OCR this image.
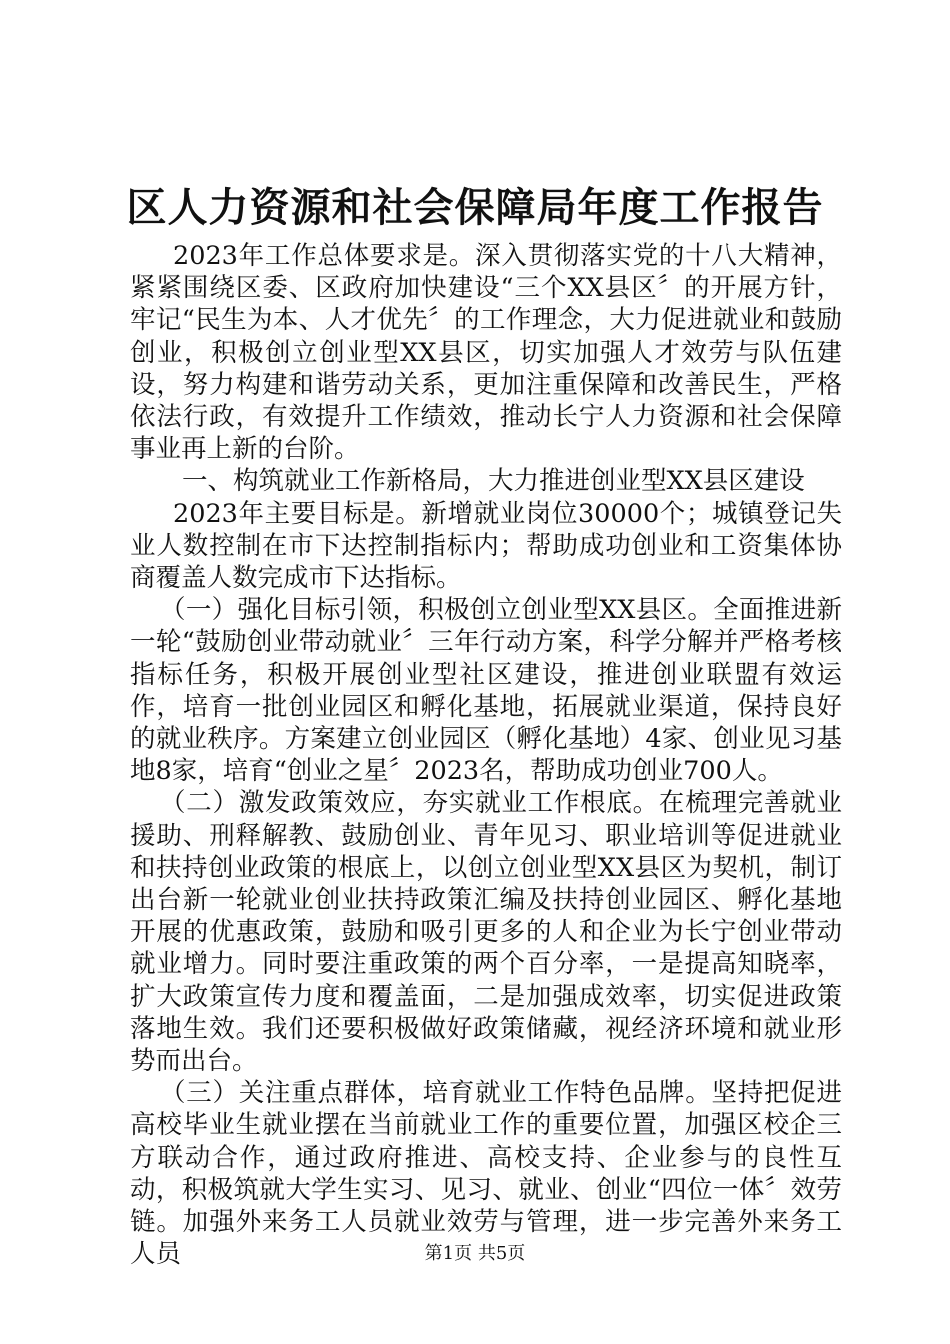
区人力资源和社会保障局年度工作报告

2023年工作总体要求是。深入贯彻落实党的十八大精神，紧紧围绕区委、区政府加快建设“三个XX县区〞的开展方针，牢记“民生为本、人才优先〞的工作理念，大力促进就业和鼓励创业，积极创立创业型XX县区，切实加强人才效劳与队伍建设，努力构建和谐劳动关系，更加注重保障和改善民生，严格依法行政，有效提升工作绩效，推动长宁人力资源和社会保障事业再上新的台阶。

一、构筑就业工作新格局，大力推进创业型XX县区建设

2023年主要目标是。新增就业岗位30000个；城镇登记失业人数控制在市下达控制指标内；帮助成功创业和工资集体协商覆盖人数完成市下达指标。

（一）强化目标引领，积极创立创业型XX县区。全面推进新一轮“鼓励创业带动就业〞三年行动方案，科学分解并严格考核指标任务，积极开展创业型社区建设，推进创业联盟有效运作，培育一批创业园区和孵化基地，拓展就业渠道，保持良好的就业秩序。方案建立创业园区（孵化基地）4家、创业见习基地8家，培育“创业之星〞2023名，帮助成功创业700人。

（二）激发政策效应，夯实就业工作根底。在梳理完善就业援助、刑释解教、鼓励创业、青年见习、职业培训等促进就业和扶持创业政策的根底上，以创立创业型XX县区为契机，制订出台新一轮就业创业扶持政策汇编及扶持创业园区、孵化基地开展的优惠政策，鼓励和吸引更多的人和企业为长宁创业带动就业增力。同时要注重政策的两个百分率，一是提高知晓率，扩大政策宣传力度和覆盖面，二是加强成效率，切实促进政策落地生效。我们还要积极做好政策储藏，视经济环境和就业形势而出台。

（三）关注重点群体，培育就业工作特色品牌。坚持把促进高校毕业生就业摆在当前就业工作的重要位置，加强区校企三方联动合作，通过政府推进、高校支持、企业参与的良性互动，积极筑就大学生实习、见习、就业、创业“四位一体〞效劳链。加强外来务工人员就业效劳与管理，进一步完善外来务工人员	第1页 共5页
